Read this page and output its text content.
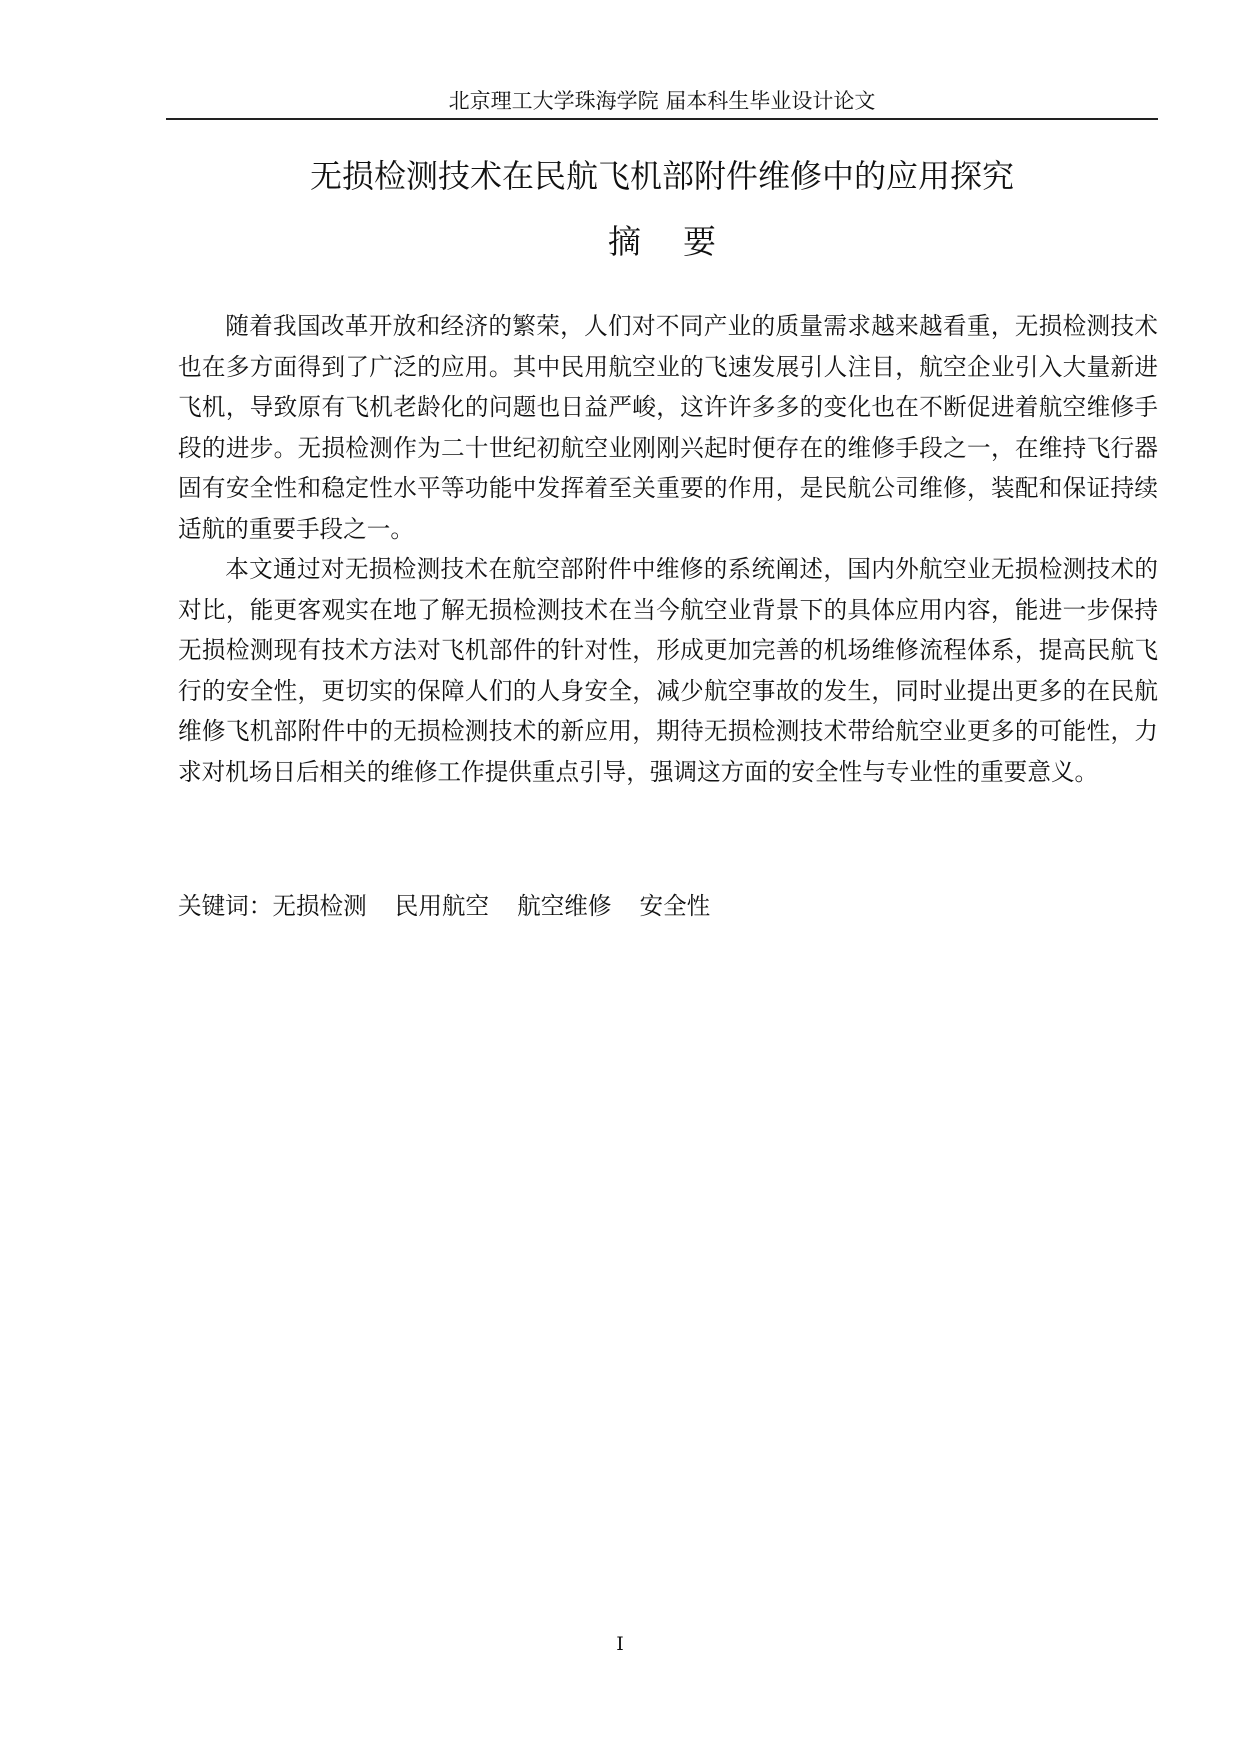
北京理工大学珠海学院 届本科生毕业设计论文
无损检测技术在民航飞机部附件维修中的应用探究
摘    要

随着我国改革开放和经济的繁荣，人们对不同产业的质量需求越来越看重，无损检测技术也在多方面得到了广泛的应用。其中民用航空业的飞速发展引人注目，航空企业引入大量新进飞机，导致原有飞机老龄化的问题也日益严峻，这许许多多的变化也在不断促进着航空维修手段的进步。无损检测作为二十世纪初航空业刚刚兴起时便存在的维修手段之一，在维持飞行器固有安全性和稳定性水平等功能中发挥着至关重要的作用，是民航公司维修，装配和保证持续适航的重要手段之一。

本文通过对无损检测技术在航空部附件中维修的系统阐述，国内外航空业无损检测技术的对比，能更客观实在地了解无损检测技术在当今航空业背景下的具体应用内容，能进一步保持无损检测现有技术方法对飞机部件的针对性，形成更加完善的机场维修流程体系，提高民航飞行的安全性，更切实的保障人们的人身安全，减少航空事故的发生，同时业提出更多的在民航维修飞机部附件中的无损检测技术的新应用，期待无损检测技术带给航空业更多的可能性，力求对机场日后相关的维修工作提供重点引导，强调这方面的安全性与专业性的重要意义。

关键词：无损检测 民用航空 航空维修 安全性
I
